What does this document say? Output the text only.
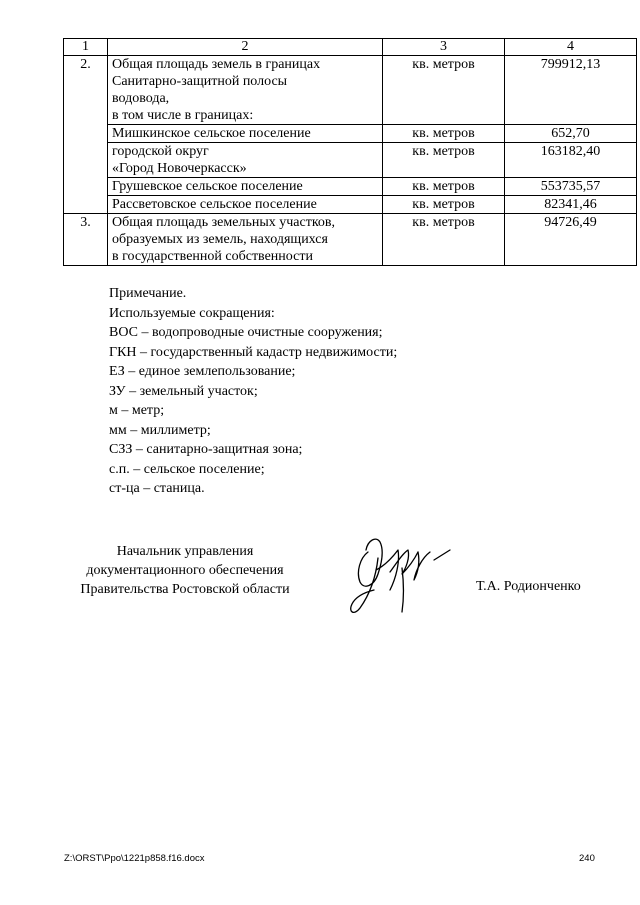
1	2	3	4
2.	Общая площадь земель в границах
Санитарно-защитной полосы
водовода,
в том числе в границах:	кв. метров	799912,13

	Мишкинское сельское поселение	кв. метров	652,70

	городской округ
«Город Новочеркасск»	кв. метров	163182,40

	Грушевское сельское поселение	кв. метров	553735,57

	Рассветовское сельское поселение	кв. метров	82341,46
3.	Общая площадь земельных участков,
образуемых из земель, находящихся
в государственной собственности	кв. метров	94726,49
Примечание.
Используемые сокращения:
ВОС – водопроводные очистные сооружения;
ГКН – государственный кадастр недвижимости;
ЕЗ – единое землепользование;
ЗУ – земельный участок;
м – метр;
мм – миллиметр;
СЗЗ – санитарно-защитная зона;
с.п. – сельское поселение;
ст-ца – станица.
Начальник управления
документационного обеспечения
Правительства Ростовской области	Т.А. Родионченко
Z:\ORST\Ppo\1221p858.f16.docx	240
